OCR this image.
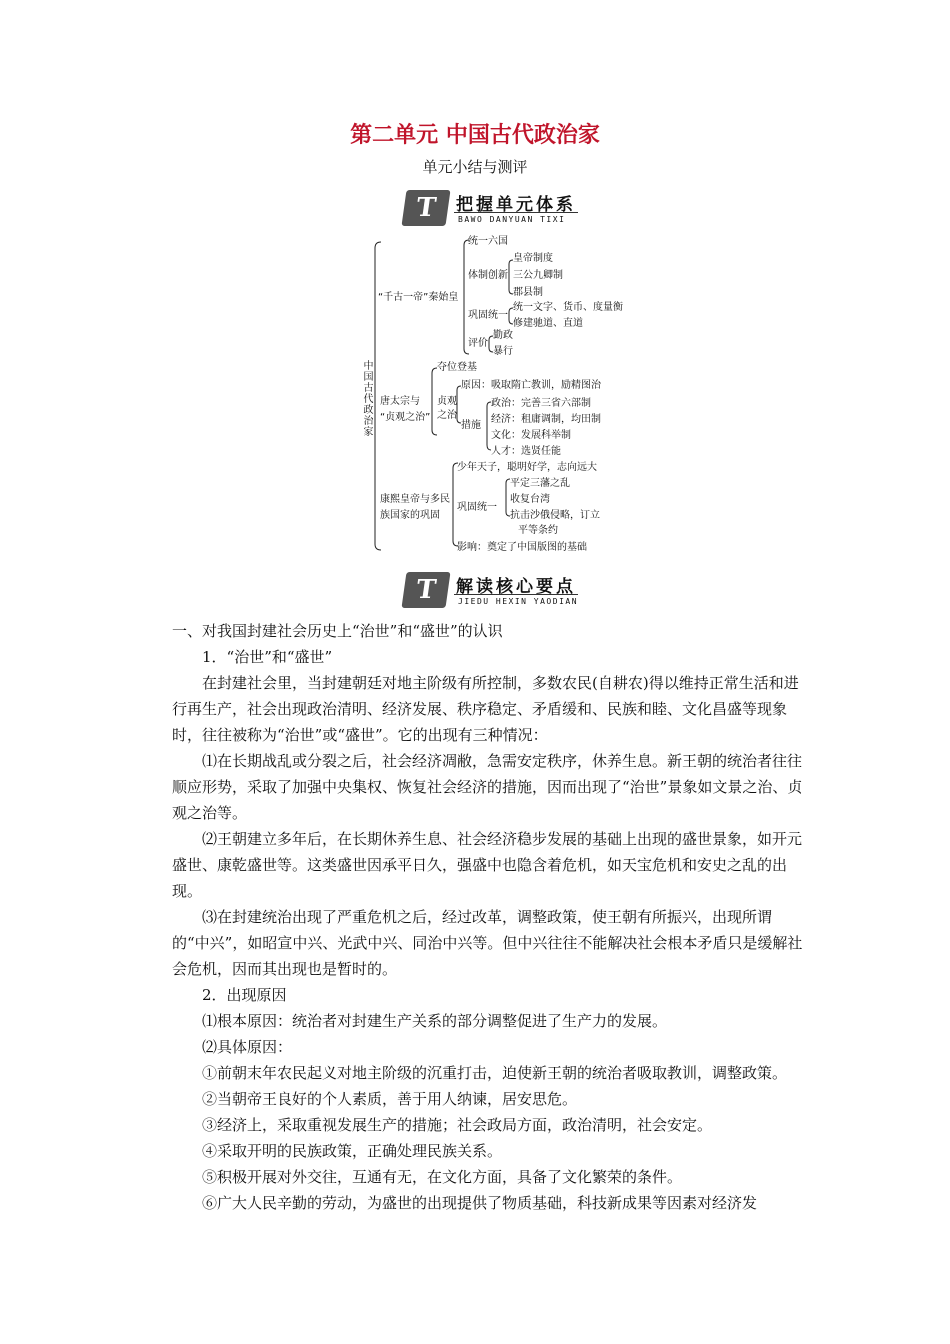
第二单元 中国古代政治家
单元小结与测评
T	把握单元体系
BAWO DANYUAN TIXI
中国古代政治家
“千古一帝”秦始皇
统一六国
体制创新
皇帝制度
三公九卿制
郡县制
巩固统一
统一文字、货币、度量衡
修建驰道、直道
评价
勤政
暴行
唐太宗与
“贞观之治”
夺位登基
贞观
之治
原因：吸取隋亡教训，励精图治
措施
政治：完善三省六部制
经济：租庸调制，均田制
文化：发展科举制
人才：选贤任能
康熙皇帝与多民
族国家的巩固
少年天子，聪明好学，志向远大
巩固统一
平定三藩之乱
收复台湾
抗击沙俄侵略，订立
平等条约
影响：奠定了中国版图的基础
T	解读核心要点
JIEDU HEXIN YAODIAN

一、对我国封建社会历史上“治世”和“盛世”的认识

1．“治世”和“盛世”

在封建社会里，当封建朝廷对地主阶级有所控制，多数农民(自耕农)得以维持正常生活和进行再生产，社会出现政治清明、经济发展、秩序稳定、矛盾缓和、民族和睦、文化昌盛等现象时，往往被称为“治世”或“盛世”。它的出现有三种情况：

⑴在长期战乱或分裂之后，社会经济凋敝，急需安定秩序，休养生息。新王朝的统治者往往顺应形势，采取了加强中央集权、恢复社会经济的措施，因而出现了“治世”景象如文景之治、贞观之治等。

⑵王朝建立多年后，在长期休养生息、社会经济稳步发展的基础上出现的盛世景象，如开元盛世、康乾盛世等。这类盛世因承平日久，强盛中也隐含着危机，如天宝危机和安史之乱的出现。

⑶在封建统治出现了严重危机之后，经过改革，调整政策，使王朝有所振兴，出现所谓的“中兴”，如昭宣中兴、光武中兴、同治中兴等。但中兴往往不能解决社会根本矛盾只是缓解社会危机，因而其出现也是暂时的。

2．出现原因

⑴根本原因：统治者对封建生产关系的部分调整促进了生产力的发展。

⑵具体原因：

①前朝末年农民起义对地主阶级的沉重打击，迫使新王朝的统治者吸取教训，调整政策。

②当朝帝王良好的个人素质，善于用人纳谏，居安思危。

③经济上，采取重视发展生产的措施；社会政局方面，政治清明，社会安定。

④采取开明的民族政策，正确处理民族关系。

⑤积极开展对外交往，互通有无，在文化方面，具备了文化繁荣的条件。

⑥广大人民辛勤的劳动，为盛世的出现提供了物质基础，科技新成果等因素对经济发
